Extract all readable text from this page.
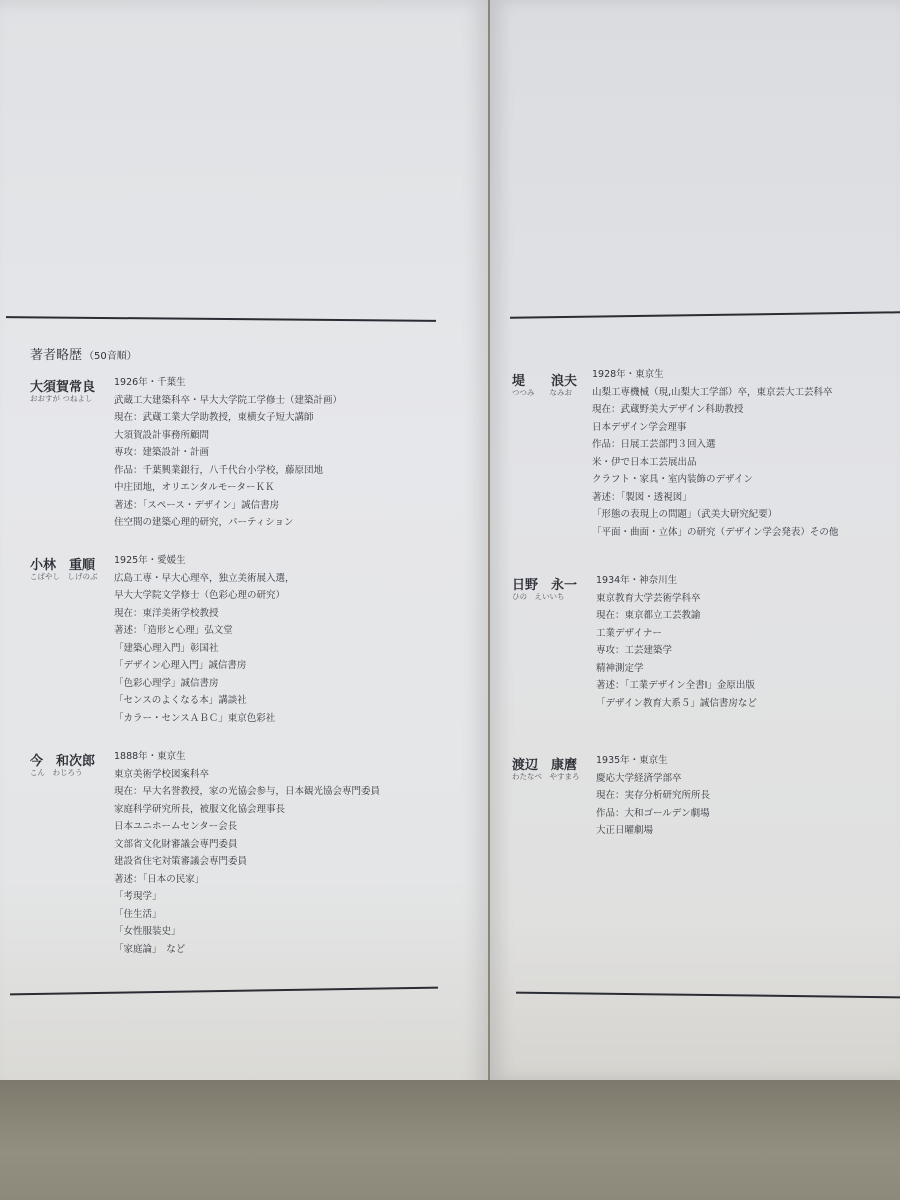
著者略歴 （50音順）
大須賀常良
おおすが つねよし
1926年・千葉生
武蔵工大建築科卒・早大大学院工学修士（建築計画）
現在：武蔵工業大学助教授，東横女子短大講師
大須賀設計事務所顧問
専攻：建築設計・計画
作品：千葉興業銀行，八千代台小学校，藤原団地
中庄団地，オリエンタルモーターＫＫ
著述：「スペース・デザイン」誠信書房
住空間の建築心理的研究，パーティション
小林　重順
こばやし　しげのぶ
1925年・愛媛生
広島工専・早大心理卒，独立美術展入選，
早大大学院文学修士（色彩心理の研究）
現在：東洋美術学校教授
著述：「造形と心理」弘文堂
「建築心理入門」彰国社
「デザイン心理入門」誠信書房
「色彩心理学」誠信書房
「センスのよくなる本」講談社
「カラー・センスＡＢＣ」東京色彩社
今　和次郎
こん　わじろう
1888年・東京生
東京美術学校図案科卒
現在：早大名誉教授，家の光協会参与，日本観光協会専門委員
家庭科学研究所長，被服文化協会理事長
日本ユニホームセンター会長
文部省文化財審議会専門委員
建設省住宅対策審議会専門委員
著述：「日本の民家」
「考現学」
「住生活」
「女性服装史」
「家庭論」　など
堤　　浪夫
つつみ　　なみお
1928年・東京生
山梨工専機械（現,山梨大工学部）卒，東京芸大工芸科卒
現在：武蔵野美大デザイン科助教授
日本デザイン学会理事
作品：日展工芸部門３回入選
米・伊で日本工芸展出品
クラフト・家具・室内装飾のデザイン
著述：「製図・透視図」
「形態の表現上の問題」（武美大研究紀要）
「平面・曲面・立体」の研究（デザイン学会発表）その他
日野　永一
ひの　えいいち
1934年・神奈川生
東京教育大学芸術学科卒
現在：東京都立工芸教諭
工業デザイナー
専攻：工芸建築学
精神測定学
著述：「工業デザイン全書Ⅰ」金原出版
「デザイン教育大系５」誠信書房など
渡辺　康麿
わたなべ　やすまろ
1935年・東京生
慶応大学経済学部卒
現在：実存分析研究所所長
作品：大和ゴールデン劇場
大正日曜劇場
